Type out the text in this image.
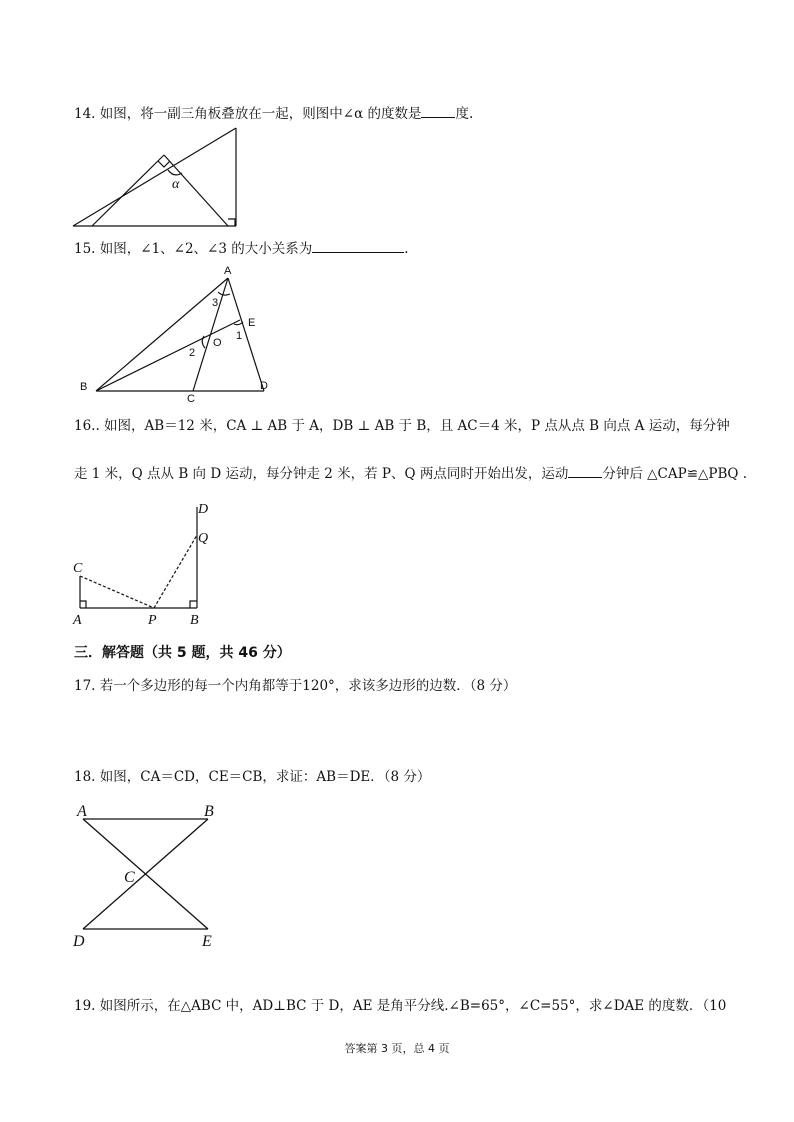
14. 如图，将一副三角板叠放在一起，则图中∠α 的度数是	度.
α
15. 如图，∠1、∠2、∠3 的大小关系为	.
A
B
C
D
E
O
1
2
3
16.. 如图，AB＝12 米，CA ⊥ AB 于 A，DB ⊥ AB 于 B，且 AC＝4 米，P 点从点 B 向点 A 运动，每分钟
走 1 米，Q 点从 B 向 D 运动，每分钟走 2 米，若 P、Q 两点同时开始出发，运动	分钟后 △CAP≌△PBQ .
A	B
C
D
P
Q
三．解答题（共 5 题，共 46 分）
17. 若一个多边形的每一个内角都等于120°，求该多边形的边数．（8 分）
18. 如图，CA＝CD，CE＝CB，求证：AB＝DE．（8 分）
A	B
C
D	E
19. 如图所示，在△ABC 中，AD⊥BC 于 D，AE 是角平分线.∠B=65°，∠C=55°，求∠DAE 的度数．（10
答案第 3 页，总 4 页
